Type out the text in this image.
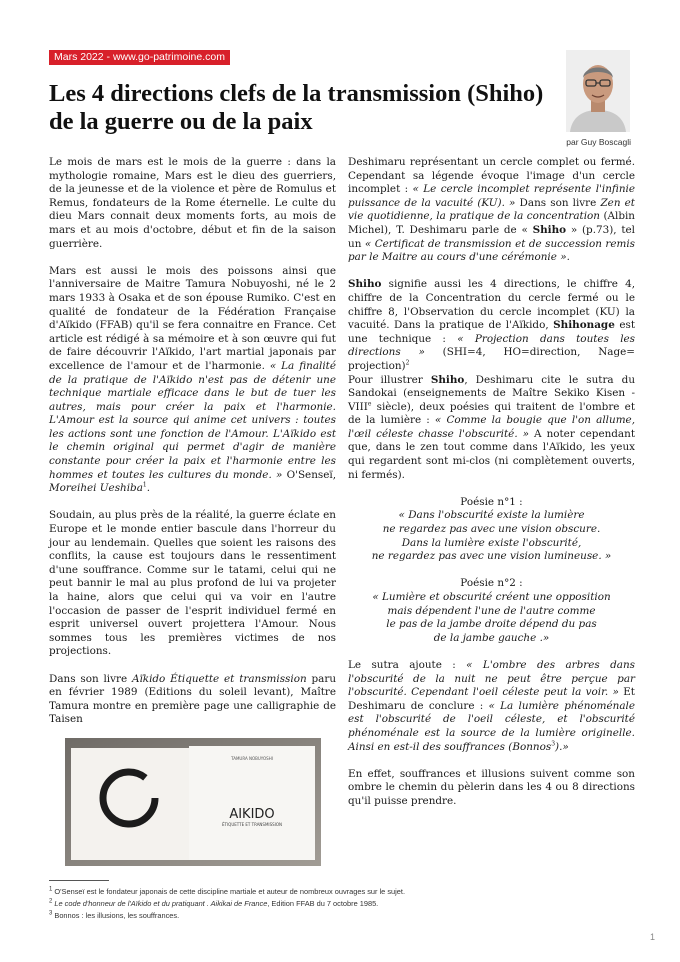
Mars 2022 - www.go-patrimoine.com
Les 4 directions clefs de la transmission (Shiho)
de la guerre ou de la paix
par Guy Boscagli

Le mois de mars est le mois de la guerre : dans la mythologie romaine, Mars est le dieu des guerriers, de la jeunesse et de la violence et père de Romulus et Remus, fondateurs de la Rome éternelle. Le culte du dieu Mars connait deux moments forts, au mois de mars et au mois d'octobre, début et fin de la saison guerrière.

Mars est aussi le mois des poissons ainsi que l'anniversaire de Maitre Tamura Nobuyoshi, né le 2 mars 1933 à Osaka et de son épouse Rumiko. C'est en qualité de fondateur de la Fédération Française d'Aïkido (FFAB) qu'il se fera connaitre en France. Cet article est rédigé à sa mémoire et à son œuvre qui fut de faire découvrir l'Aïkido, l'art martial japonais par excellence de l'amour et de l'harmonie. « La finalité de la pratique de l'Aïkido n'est pas de détenir une technique martiale efficace dans le but de tuer les autres, mais pour créer la paix et l'harmonie. L'Amour est la source qui anime cet univers : toutes les actions sont une fonction de l'Amour. L'Aïkido est le chemin original qui permet d'agir de manière constante pour créer la paix et l'harmonie entre les hommes et toutes les cultures du monde. » O'Senseï, Moreihei Ueshiba$^1$.

Soudain, au plus près de la réalité, la guerre éclate en Europe et le monde entier bascule dans l'horreur du jour au lendemain. Quelles que soient les raisons des conflits, la cause est toujours dans le ressentiment d'une souffrance. Comme sur le tatami, celui qui ne peut bannir le mal au plus profond de lui va projeter la haine, alors que celui qui va voir en l'autre l'occasion de passer de l'esprit individuel fermé en esprit universel ouvert projettera l'Amour. Nous sommes tous les premières victimes de nos projections.

Dans son livre Aïkido Étiquette et transmission paru en février 1989 (Editions du soleil levant), Maître Tamura montre en première page une calligraphie de Taisen

TAMURA NOBUYOSHI
AIKIDO
ÉTIQUETTE ET TRANSMISSION

Deshimaru représentant un cercle complet ou fermé. Cependant sa légende évoque l'image d'un cercle incomplet : « Le cercle incomplet représente l'infinie puissance de la vacuité (KU). » Dans son livre Zen et vie quotidienne, la pratique de la concentration (Albin Michel), T. Deshimaru parle de « Shiho » (p.73), tel un « Certificat de transmission et de succession remis par le Maitre au cours d'une cérémonie ».

Shiho signifie aussi les 4 directions, le chiffre 4, chiffre de la Concentration du cercle fermé ou le chiffre 8, l'Observation du cercle incomplet (KU) la vacuité. Dans la pratique de l'Aïkido, Shihonage est une technique : « Projection dans toutes les directions » (SHI=4, HO=direction, Nage= projection)$^2$

Pour illustrer Shiho, Deshimaru cite le sutra du Sandokai (enseignements de Maître Sekiko Kisen - VIIIe siècle), deux poésies qui traitent de l'ombre et de la lumière : « Comme la bougie que l'on allume, l'œil céleste chasse l'obscurité. » A noter cependant que, dans le zen tout comme dans l'Aïkido, les yeux qui regardent sont mi-clos (ni complètement ouverts, ni fermés).

Poésie n°1 :
« Dans l'obscurité existe la lumière
ne regardez pas avec une vision obscure.
Dans la lumière existe l'obscurité,
ne regardez pas avec une vision lumineuse. »

Poésie n°2 :
« Lumière et obscurité créent une opposition
mais dépendent l'une de l'autre comme
le pas de la jambe droite dépend du pas
de la jambe gauche .»

Le sutra ajoute : « L'ombre des arbres dans l'obscurité de la nuit ne peut être perçue par l'obscurité. Cependant l'oeil céleste peut la voir. » Et Deshimaru de conclure : « La lumière phénoménale est l'obscurité de l'oeil céleste, et l'obscurité phénoménale est la source de la lumière originelle. Ainsi en est-il des souffrances (Bonnos$^3$).»

En effet, souffrances et illusions suivent comme son ombre le chemin du pèlerin dans les 4 ou 8 directions qu'il puisse prendre.

$^1$ O'Senseï est le fondateur japonais de cette discipline martiale et auteur de nombreux ouvrages sur le sujet.
$^2$ Le code d'honneur de l'Aïkido et du pratiquant . Aikikai de France, Edition FFAB du 7 octobre 1985.
$^3$ Bonnos : les illusions, les souffrances.
1
